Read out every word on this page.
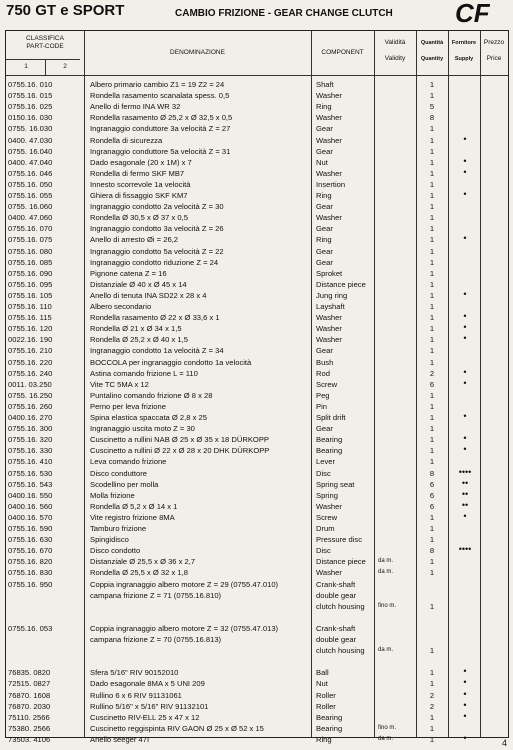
750 GT e SPORT	CAMBIO FRIZIONE - GEAR CHANGE CLUTCH CF
CLASSIFICA
PART-CODE
1	2
DENOMINAZIONE	COMPONENT
Validità
Validity
Quantità
Quantity
Fornitore
Supply
Prezzo
Price
0755.16. 010	Albero primario cambio Z1 = 19 Z2 = 24	Shaft	1
0755.16. 015	Rondella rasamento scanalata spess. 0,5	Washer	1
0755.16. 025	Anello di fermo INA WR 32	Ring	5
0150.16. 030	Rondella rasamento Ø 25,2 x Ø 32,5 x 0,5	Washer	8
0755. 16.030	Ingranaggio conduttore 3a velocità Z = 27	Gear	1
0400. 47.030	Rondella di sicurezza	Washer	1	•
0755. 16.040	Ingranaggio conduttore 5a velocità Z = 31	Gear	1
0400. 47.040	Dado esagonale (20 x 1M) x 7	Nut	1	•
0755.16. 046	Rondella di fermo SKF MB7	Washer	1	•
0755.16. 050	Innesto scorrevole 1a velocità	Insertion	1
0755.16. 055	Ghiera di fissaggio SKF KM7	Ring	1	•
0755. 16.060	Ingranaggio condotto 2a velocità Z = 30	Gear	1
0400. 47.060	Rondella Ø 30,5 x Ø 37 x 0,5	Washer	1
0755.16. 070	Ingranaggio condotto 3a velocità Z = 26	Gear	1
0755.16. 075	Anello di arresto Øi = 26,2	Ring	1	•
0755.16. 080	Ingranaggio condotto 5a velocità Z = 22	Gear	1
0755.16. 085	Ingranaggio condotto riduzione Z = 24	Gear	1
0755.16. 090	Pignone catena Z = 16	Sproket	1
0755.16. 095	Distanziale Ø 40 x Ø 45 x 14	Distance piece	1
0755.16. 105	Anello di tenuta INA SD22 x 28 x 4	Jung ring	1	•
0755.16. 110	Albero secondario	Layshaft	1
0755.16. 115	Rondella rasamento Ø 22 x Ø 33,6 x 1	Washer	1	•
0755.16. 120	Rondella Ø 21 x Ø 34 x 1,5	Washer	1	•
0022.16. 190	Rondella Ø 25,2 x Ø 40 x 1,5	Washer	1	•
0755.16. 210	Ingranaggio condotto 1a velocità Z = 34	Gear	1
0755.16. 220	BOCCOLA per ingranaggio condotto 1a velocità	Bush	1
0755.16. 240	Astina comando frizione L = 110	Rod	2	•
0011. 03.250	Vite TC 5MA x 12	Screw	6	•
0755. 16.250	Puntalino comando frizione Ø 8 x 28	Peg	1
0755.16. 260	Perno per leva frizione	Pin	1
0400.16. 270	Spina elastica spaccata Ø 2,8 x 25	Split drift	1	•
0755.16. 300	Ingranaggio uscita moto Z = 30	Gear	1
0755.16. 320	Cuscinetto a rullini NAB Ø 25 x Ø 35 x 18 DÜRKOPP	Bearing	1	•
0755.16. 330	Cuscinetto a rullini Ø 22 x Ø 28 x 20 DHK DÜRKOPP	Bearing	1	•
0755.16. 410	Leva comando frizione	Lever	1
0755.16. 530	Disco conduttore	Disc	8	••••
0755.16. 543	Scodellino per molla	Spring seat	6	••
0400.16. 550	Molla frizione	Spring	6	••
0400.16. 560	Rondella Ø 5,2 x Ø 14 x 1	Washer	6	••
0400.16. 570	Vite registro frizione 8MA	Screw	1	•
0755.16. 590	Tamburo frizione	Drum	1
0755.16. 630	Spingidisco	Pressure disc	1
0755.16. 670	Disco condotto	Disc	8	••••
0755.16. 820	Distanziale Ø 25,5 x Ø 36 x 2,7	Distance piece	da m.	1
0755.16. 830	Rondella Ø 25,5 x Ø 32 x 1,8	Washer	da m.	1
0755.16. 950	Coppia ingranaggio albero motore Z = 29 (0755.47.010)	Crank-shaft
campana frizione Z = 71 (0755.16.810)	double gear
clutch housing	fino m.	1
0755.16. 053	Coppia ingranaggio albero motore Z = 32 (0755.47.013)	Crank-shaft
campana frizione Z = 70 (0755.16.813)	double gear
clutch housing	da m.	1
76835. 0820	Sfera 5/16" RIV 90152010	Ball	1	•
72515. 0827	Dado esagonale 8MA x 5 UNI 209	Nut	1	•
76870. 1608	Rullino 6 x 6 RIV 91131061	Roller	2	•
76870. 2030	Rullino 5/16" x 5/16" RIV 91132101	Roller	2	•
75110. 2566	Cuscinetto RIV-ELL 25 x 47 x 12	Bearing	1	•
75380. 2566	Cuscinetto reggispinta RIV GAON Ø 25 x Ø 52 x 15	Bearing	fino m.	1
73503. 4106	Anello seeger 47I	Ring	da m.	1	•
4
